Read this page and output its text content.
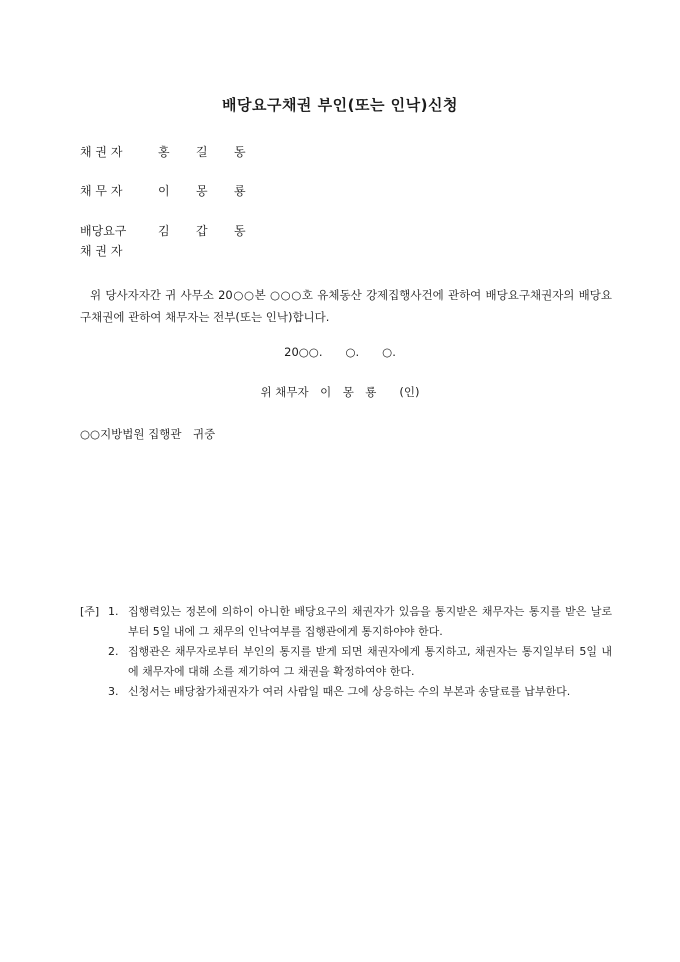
배당요구채권 부인(또는 인낙)신청
채 권 자	홍 길 동
채 무 자	이 몽 룡
배당요구	김 갑 동
채 권 자
위 당사자자간 귀 사무소 20○○본 ○○○호 유체동산 강제집행사건에 관하여 배당요구채권자의 배당요구채권에 관하여 채무자는 전부(또는 인낙)합니다.
20○○.　　○.　　○.
위 채무자　이　몽　룡　　(인)
○○지방법원 집행관　귀중
[주] 1. 집행력있는 정본에 의하이 아니한 배당요구의 채권자가 있음을 통지받은 채무자는 통지를 받은 날로부터 5일 내에 그 채무의 인낙여부를 집행관에게 통지하야야 한다.
2. 집행관은 채무자로부터 부인의 통지를 받게 되면 채권자에게 통지하고, 채권자는 통지일부터 5일 내에 채무자에 대해 소를 제기하여 그 채권을 확정하여야 한다.
3. 신청서는 배당참가채권자가 여러 사람일 때은 그에 상응하는 수의 부본과 송달료를 납부한다.
